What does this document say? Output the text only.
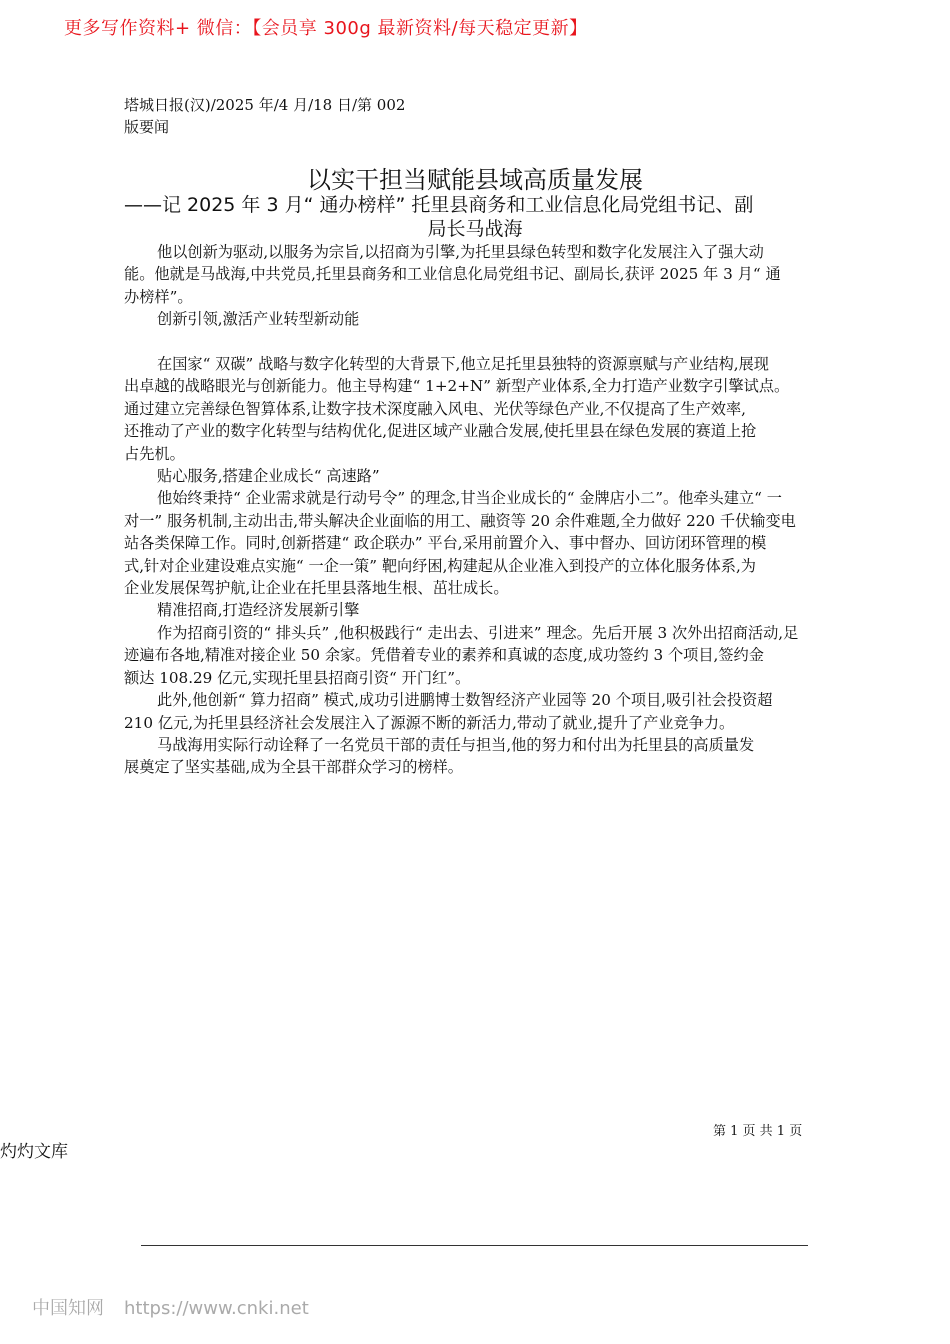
更多写作资料+ 微信：【会员享 300g 最新资料/每天稳定更新】
塔城日报(汉)/2025 年/4 月/18 日/第 002
版要闻
以实干担当赋能县域高质量发展
——记 2025 年 3 月“ 通办榜样” 托里县商务和工业信息化局党组书记、副
局长马战海
他以创新为驱动,以服务为宗旨,以招商为引擎,为托里县绿色转型和数字化发展注入了强大动
能。他就是马战海,中共党员,托里县商务和工业信息化局党组书记、副局长,获评 2025 年 3 月“ 通
办榜样”。
创新引领,激活产业转型新动能
在国家“ 双碳” 战略与数字化转型的大背景下,他立足托里县独特的资源禀赋与产业结构,展现
出卓越的战略眼光与创新能力。他主导构建“ 1+2+N” 新型产业体系,全力打造产业数字引擎试点。
通过建立完善绿色智算体系,让数字技术深度融入风电、光伏等绿色产业,不仅提高了生产效率,
还推动了产业的数字化转型与结构优化,促进区域产业融合发展,使托里县在绿色发展的赛道上抢
占先机。
贴心服务,搭建企业成长“ 高速路”
他始终秉持“ 企业需求就是行动号令” 的理念,甘当企业成长的“ 金牌店小二”。他牵头建立“ 一
对一” 服务机制,主动出击,带头解决企业面临的用工、融资等 20 余件难题,全力做好 220 千伏输变电
站各类保障工作。同时,创新搭建“ 政企联办” 平台,采用前置介入、事中督办、回访闭环管理的模
式,针对企业建设难点实施“ 一企一策” 靶向纾困,构建起从企业准入到投产的立体化服务体系,为
企业发展保驾护航,让企业在托里县落地生根、茁壮成长。
精准招商,打造经济发展新引擎
作为招商引资的“ 排头兵” ,他积极践行“ 走出去、引进来” 理念。先后开展 3 次外出招商活动,足
迹遍布各地,精准对接企业 50 余家。凭借着专业的素养和真诚的态度,成功签约 3 个项目,签约金
额达 108.29 亿元,实现托里县招商引资“ 开门红”。
此外,他创新“ 算力招商” 模式,成功引进鹏博士数智经济产业园等 20 个项目,吸引社会投资超
210 亿元,为托里县经济社会发展注入了源源不断的新活力,带动了就业,提升了产业竞争力。
马战海用实际行动诠释了一名党员干部的责任与担当,他的努力和付出为托里县的高质量发
展奠定了坚实基础,成为全县干部群众学习的榜样。
第 1 页 共 1 页
灼灼文库
中国知网 https://www.cnki.net
